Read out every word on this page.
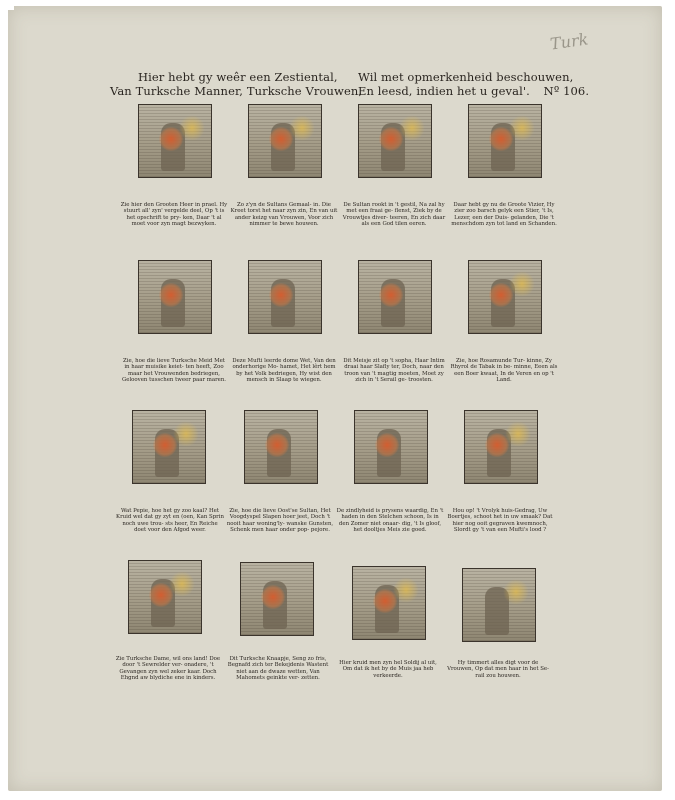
Turk
Hier hebt gy weêr een Zestiental,
Van Turksche Manner, Turksche Vrouwen,
Wil met opmerkenheid beschouwen,
En leesd, indien het u geval'. Nº 106.
Zie hier den Grooten Heer in prael. Hy stuurt all' zyn' vergelde deel, Op 't is het opschrift te pry- ken, Daar 't al moet voor zyn magt bezwyken.
Zo z'yn de Sultans Gemaal- in. Die Kreet torst het naar zyn zin, En van uit ander keizg van Vrouwen, Voor zich nimmer te bewe houwen.
De Sultan rookt in 't gestil, Na zal hy met een fraai ge- flenst, Ziek by de Vrouwtjes diver- teeren, En zich daar als een God tilen eeren.
Daar hebt gy nu de Groote Vizier, Hy zier zoo barsch gelyk een Stier, 't Is, Lezer, een der Duis- gelanden, Die 't menschdom zyn tot land en Schanden.
Zie, hoe die lieve Turksche Meid Met in haar muisike keiet- ten heeft, Zoo maar het Vrouwenden bedriegen, Gelooven tusschen tweer paar maren.
Deze Mufti leerde dome Wet, Van den onderhorige Mo- hamet, Het lêrt hem by het Volk bedriegen, Hy wist den mensch in Slaap te wiegen.
Dit Meisje zit op 't sopha, Haar Intim draai haar Slafly ter, Doch, naar den troon van 't magtig moeten, Moet zy zich in 't Serail ge- troosten.
Zie, hoe Rosamunde Tur- kinne, Zy Rhyrol de Tabak in be- minne, Eeen als een Boer kwaat, In de Veren en op 't Land.
Wat Pepie, hoe het gy zoo kaal? Het Kruid wel dat gy zyt en (oen, Kan Sprin noch uwe trou- sts heer, En Reiche doet voor den Afgod weer.
Zie, hoe die lieve Oost'se Sultan, Het Voogdyspel Slapen hoer jeet, Doch 't nooit haar woning'ly- wanske Gunsten, Schenk men haar onder pop- pejore.
De zindlyheid is prysens waardig, En 't haden in den Stelchen schoon, Is in den Zomer niet onaar- dig, 't Is gloof, het dooltjes Meis zie goed.
Hou op! 't Vrolyk huis-Gedrag, Uw Boertjes, schoot het in uw smaak? Dat hier nog ooit gegraven kwemnoch, Slordt gy 't van een Mufti's lood ?
Zie Turksche Dame, wil ons land! Doe door 't Sewrelder ver- onadere, 't Gevangen zyn wel zeker kaar. Doch Ehgnd aw blydiche ene in kinders.
Dit Turksche Knaapje, Seng zo fris, Begnafd zich ter Bekejdenis Wastent niet aan de dwaze wetten, Van Mahomets geinkte ver- zetten.
Hier kruid men zyn hel Soldij al uit, Om dat ik het by de Muis jaa heb verkeerde.
Hy timmert alles digt voor de Vrouwen, Op dat men haar in het Se- rail zou houwen.
